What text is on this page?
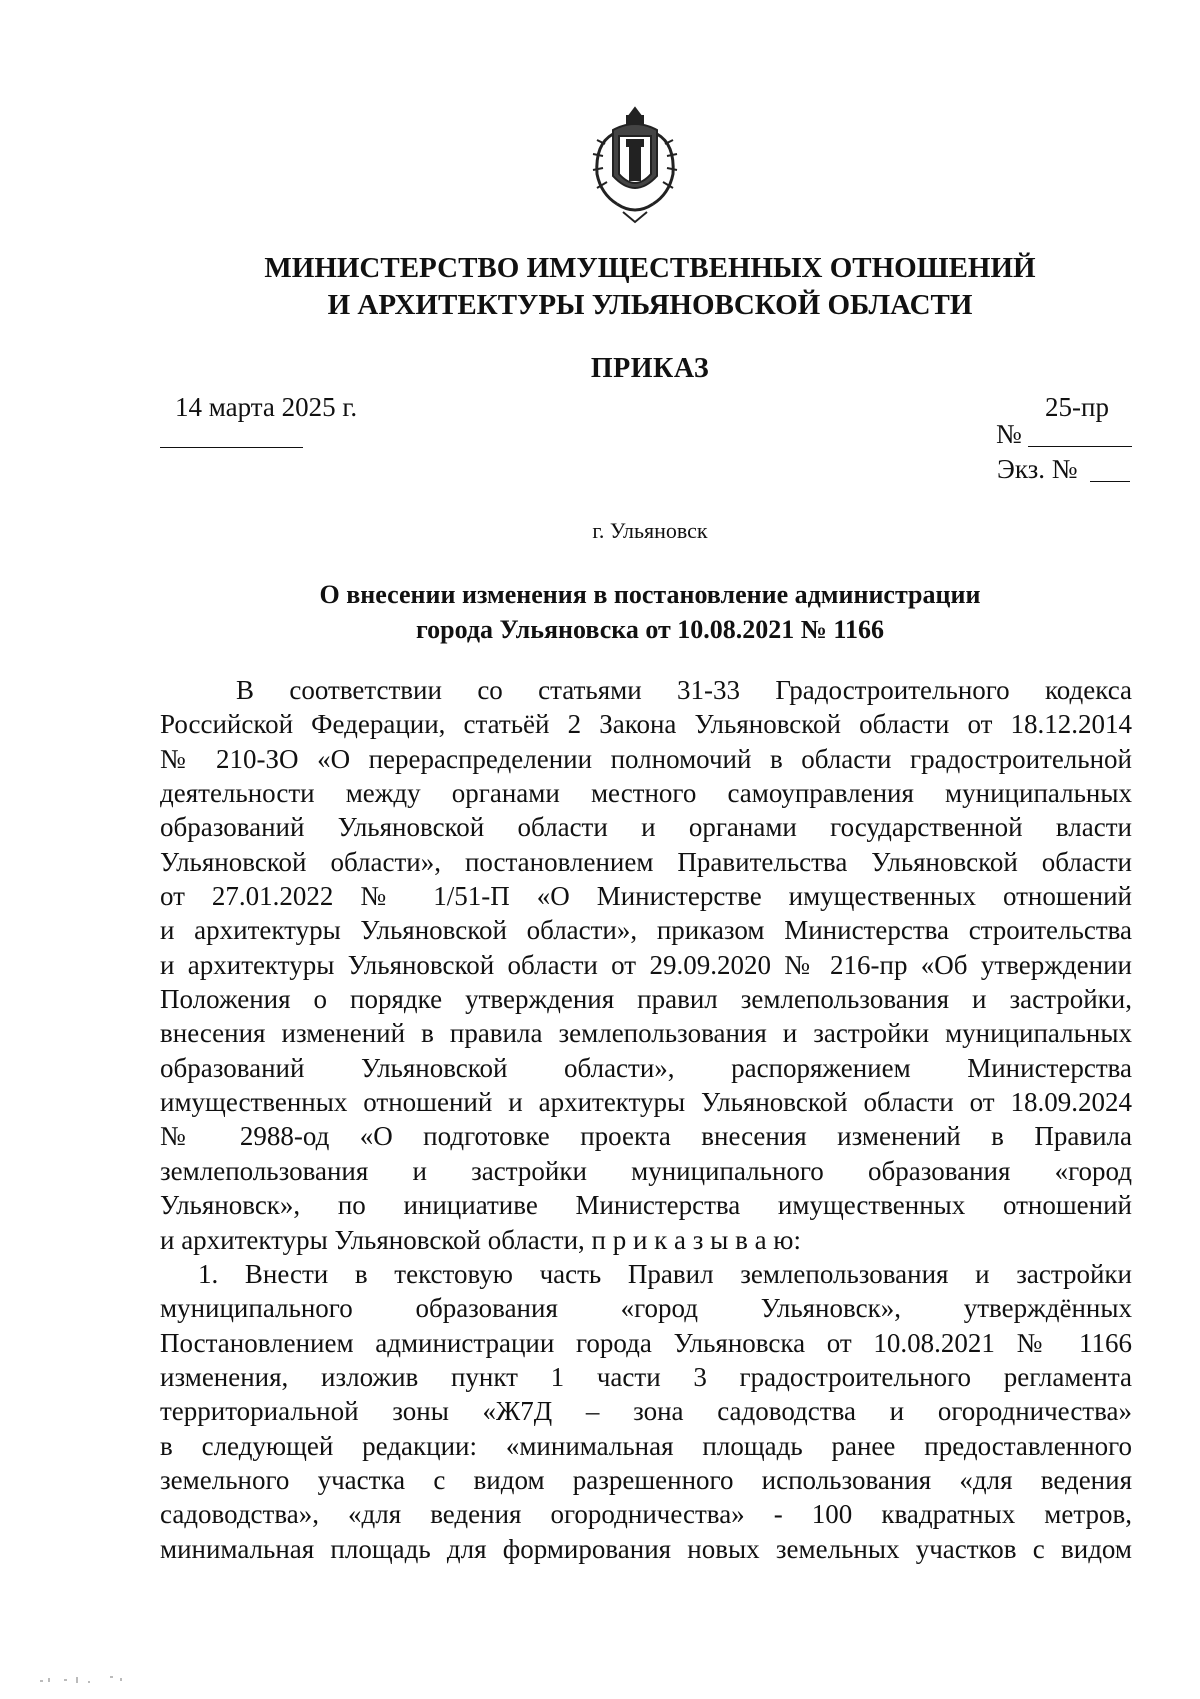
МИНИСТЕРСТВО ИМУЩЕСТВЕННЫХ ОТНОШЕНИЙ
И АРХИТЕКТУРЫ УЛЬЯНОВСКОЙ ОБЛАСТИ
ПРИКАЗ
14 марта 2025 г.	25-пр
№
Экз. №
г. Ульяновск
О внесении изменения в постановление администрации
города Ульяновска от 10.08.2021 № 1166
В соответствии со статьями 31-33 Градостроительного кодекса
Российской Федерации, статьёй 2 Закона Ульяновской области от 18.12.2014
№ 210-ЗО «О перераспределении полномочий в области градостроительной
деятельности между органами местного самоуправления муниципальных
образований Ульяновской области и органами государственной власти
Ульяновской области», постановлением Правительства Ульяновской области
от 27.01.2022 № 1/51-П «О Министерстве имущественных отношений
и архитектуры Ульяновской области», приказом Министерства строительства
и архитектуры Ульяновской области от 29.09.2020 № 216-пр «Об утверждении
Положения о порядке утверждения правил землепользования и застройки,
внесения изменений в правила землепользования и застройки муниципальных
образований Ульяновской области», распоряжением Министерства
имущественных отношений и архитектуры Ульяновской области от 18.09.2024
№ 2988-од «О подготовке проекта внесения изменений в Правила
землепользования и застройки муниципального образования «город
Ульяновск», по инициативе Министерства имущественных отношений
и архитектуры Ульяновской области, п р и к а з ы в а ю:
1. Внести в текстовую часть Правил землепользования и застройки
муниципального образования «город Ульяновск», утверждённых
Постановлением администрации города Ульяновска от 10.08.2021 № 1166
изменения, изложив пункт 1 части 3 градостроительного регламента
территориальной зоны «Ж7Д – зона садоводства и огородничества»
в следующей редакции: «минимальная площадь ранее предоставленного
земельного участка с видом разрешенного использования «для ведения
садоводства», «для ведения огородничества» - 100 квадратных метров,
минимальная площадь для формирования новых земельных участков с видом
